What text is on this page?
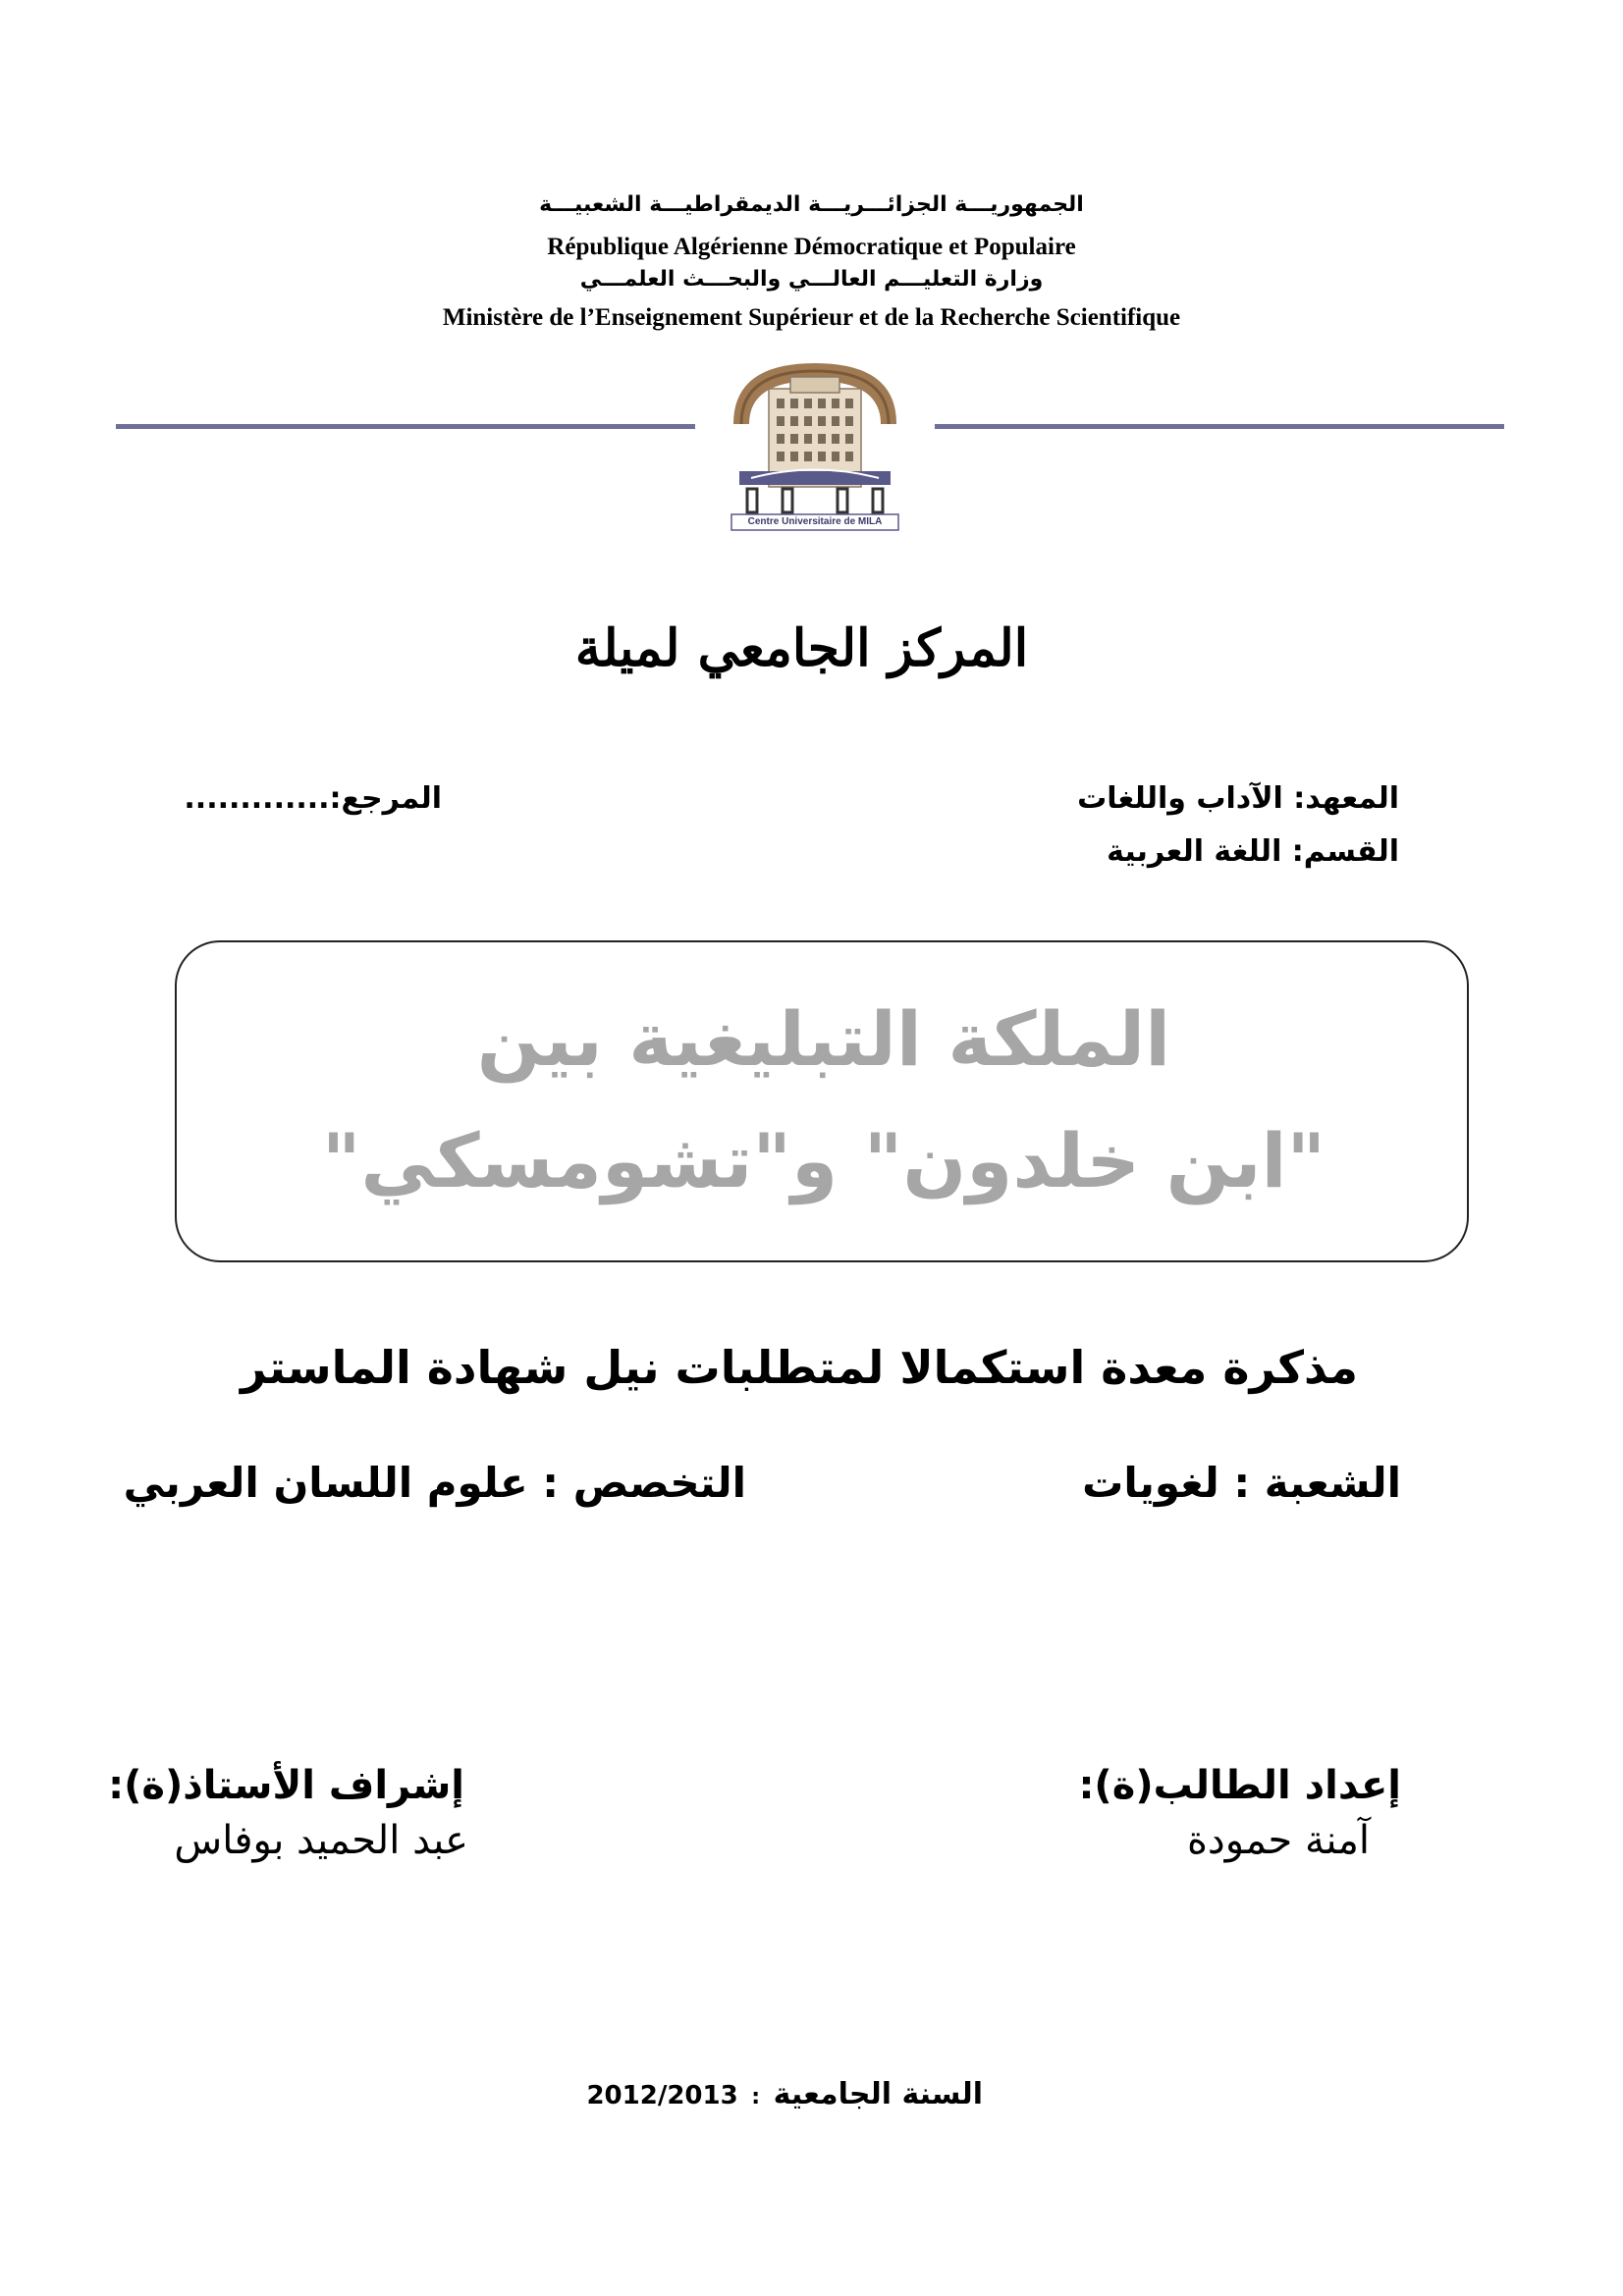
الجمهوريـــة الجزائـــريـــة الديمقراطيـــة الشعبيـــة
République Algérienne Démocratique et Populaire
وزارة التعليـــم العالـــي والبحـــث العلمـــي
Ministère de l’Enseignement Supérieur et de la Recherche Scientifique
Centre Universitaire de MILA
المركز الجامعي لميلة
المعهد: الآداب واللغات
القسم: اللغة العربية
المرجع:.............
الملكة التبليغية بين
"ابن خلدون" و"تشومسكي"
مذكرة معدة استكمالا لمتطلبات نيل شهادة الماستر
الشعبة : لغويات
التخصص : علوم اللسان العربي
إعداد الطالب(ة):
آمنة حمودة
إشراف الأستاذ(ة):
عبد الحميد بوفاس
السنة الجامعية : 2012/2013
